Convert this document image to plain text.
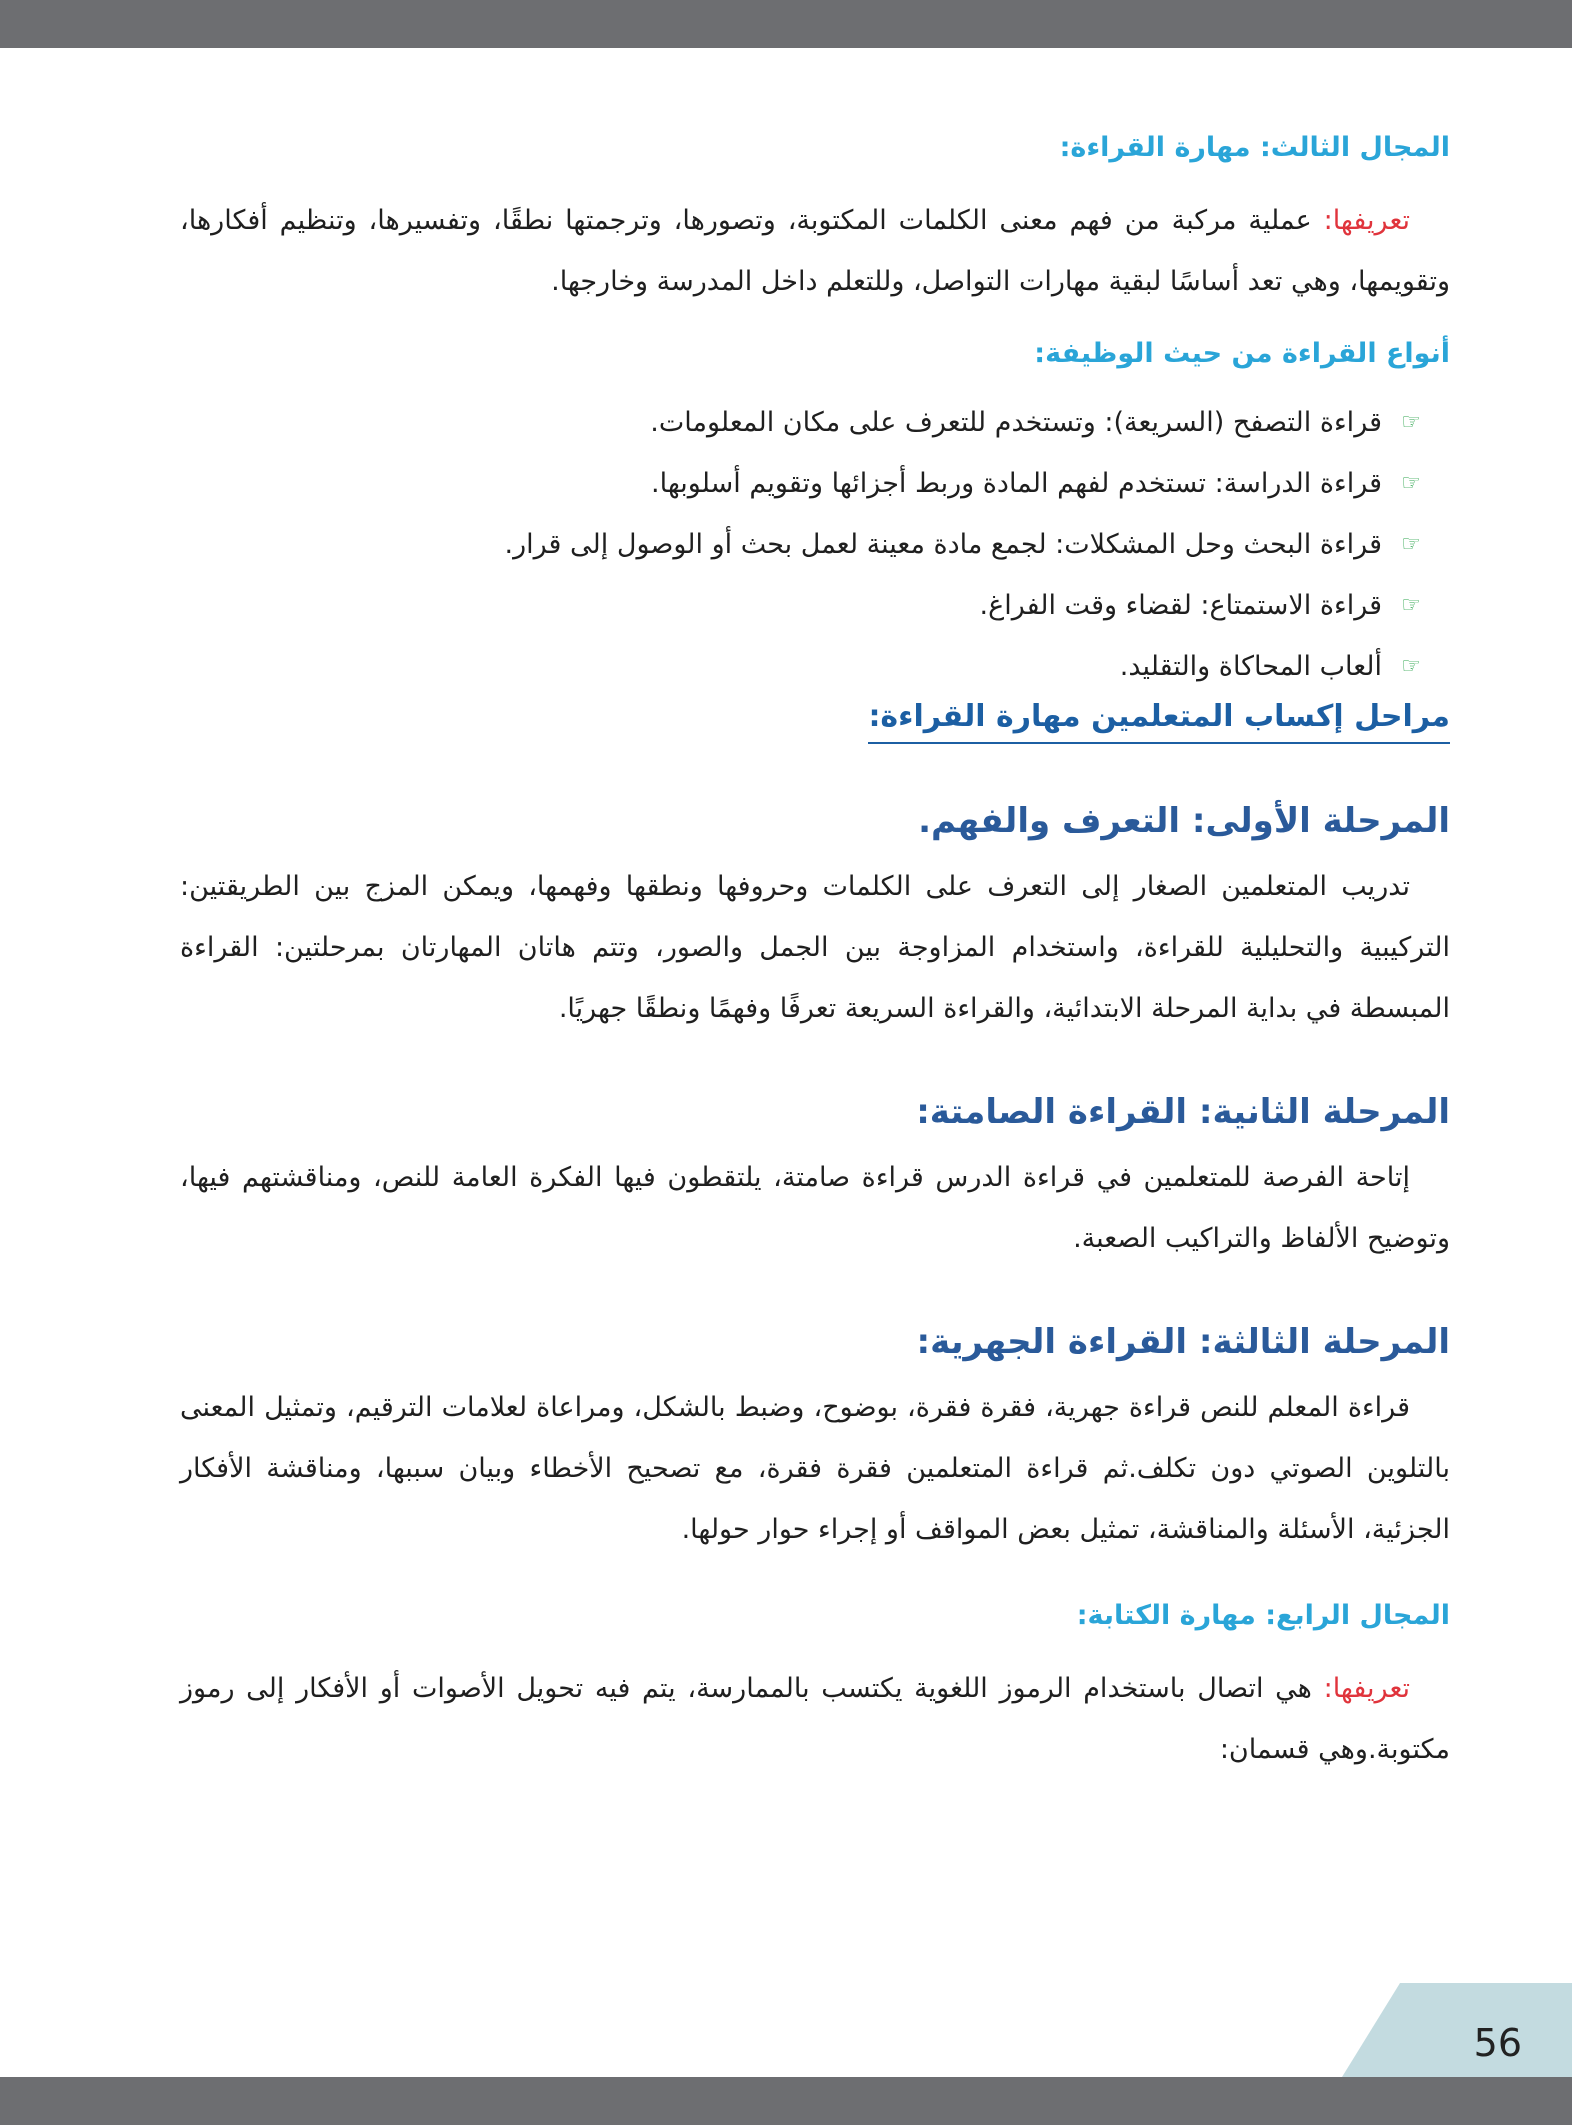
المجال الثالث: مهارة القراءة:

تعريفها: عملية مركبة من فهم معنى الكلمات المكتوبة، وتصورها، وترجمتها نطقًا، وتفسيرها، وتنظيم أفكارها، وتقويمها، وهي تعد أساسًا لبقية مهارات التواصل، وللتعلم داخل المدرسة وخارجها.

أنواع القراءة من حيث الوظيفة:
☞
قراءة التصفح (السريعة): وتستخدم للتعرف على مكان المعلومات.
☞
قراءة الدراسة: تستخدم لفهم المادة وربط أجزائها وتقويم أسلوبها.
☞
قراءة البحث وحل المشكلات: لجمع مادة معينة لعمل بحث أو الوصول إلى قرار.
☞
قراءة الاستمتاع: لقضاء وقت الفراغ.
☞
ألعاب المحاكاة والتقليد.
مراحل إكساب المتعلمين مهارة القراءة:
المرحلة الأولى: التعرف والفهم.

تدريب المتعلمين الصغار إلى التعرف على الكلمات وحروفها ونطقها وفهمها، ويمكن المزج بين الطريقتين: التركيبية والتحليلية للقراءة، واستخدام المزاوجة بين الجمل والصور، وتتم هاتان المهارتان بمرحلتين: القراءة المبسطة في بداية المرحلة الابتدائية، والقراءة السريعة تعرفًا وفهمًا ونطقًا جهريًا.

المرحلة الثانية: القراءة الصامتة:

إتاحة الفرصة للمتعلمين في قراءة الدرس قراءة صامتة، يلتقطون فيها الفكرة العامة للنص، ومناقشتهم فيها، وتوضيح الألفاظ والتراكيب الصعبة.

المرحلة الثالثة: القراءة الجهرية:

قراءة المعلم للنص قراءة جهرية، فقرة فقرة، بوضوح، وضبط بالشكل، ومراعاة لعلامات الترقيم، وتمثيل المعنى بالتلوين الصوتي دون تكلف.ثم قراءة المتعلمين فقرة فقرة، مع تصحيح الأخطاء وبيان سببها، ومناقشة الأفكار الجزئية، الأسئلة والمناقشة، تمثيل بعض المواقف أو إجراء حوار حولها.

المجال الرابع: مهارة الكتابة:

تعريفها: هي اتصال باستخدام الرموز اللغوية يكتسب بالممارسة، يتم فيه تحويل الأصوات أو الأفكار إلى رموز مكتوبة.وهي قسمان:

56
